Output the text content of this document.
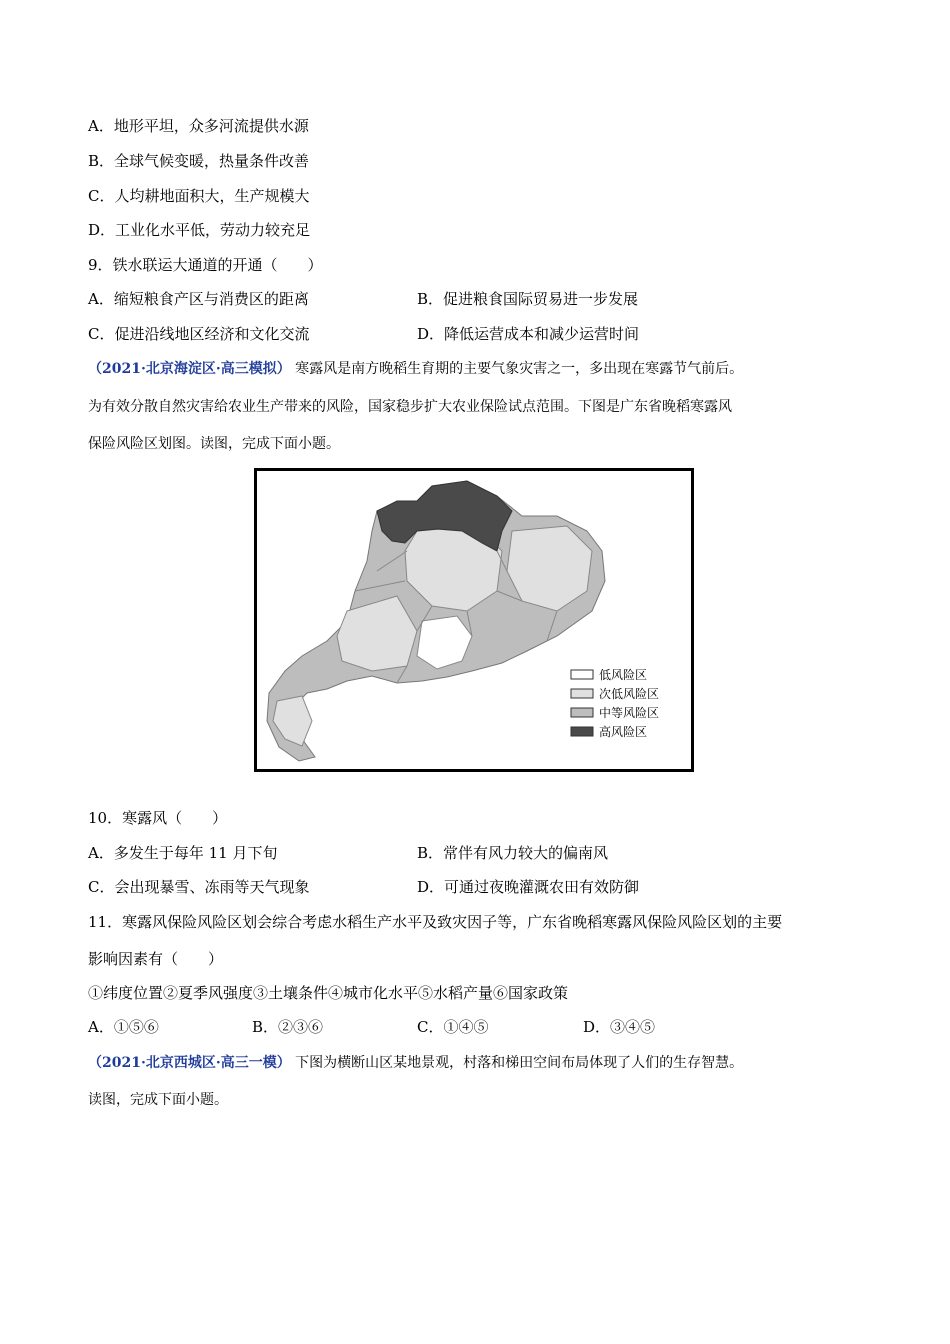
A．地形平坦，众多河流提供水源
B．全球气候变暖，热量条件改善
C．人均耕地面积大，生产规模大
D．工业化水平低，劳动力较充足
9．铁水联运大通道的开通（　　）
A．缩短粮食产区与消费区的距离	B．促进粮食国际贸易进一步发展
C．促进沿线地区经济和文化交流	D．降低运营成本和减少运营时间
（2021·北京海淀区·高三模拟） 寒露风是南方晚稻生育期的主要气象灾害之一，多出现在寒露节气前后。
为有效分散自然灾害给农业生产带来的风险，国家稳步扩大农业保险试点范围。下图是广东省晚稻寒露风
保险风险区划图。读图，完成下面小题。
低风险区
次低风险区
中等风险区
高风险区
10．寒露风（　　）
A．多发生于每年 11 月下旬	B．常伴有风力较大的偏南风
C．会出现暴雪、冻雨等天气现象	D．可通过夜晚灌溉农田有效防御
11．寒露风保险风险区划会综合考虑水稻生产水平及致灾因子等，广东省晚稻寒露风保险风险区划的主要
影响因素有（　　）
①纬度位置②夏季风强度③土壤条件④城市化水平⑤水稻产量⑥国家政策
A．①⑤⑥	B．②③⑥	C．①④⑤	D．③④⑤
（2021·北京西城区·高三一模） 下图为横断山区某地景观，村落和梯田空间布局体现了人们的生存智慧。
读图，完成下面小题。
